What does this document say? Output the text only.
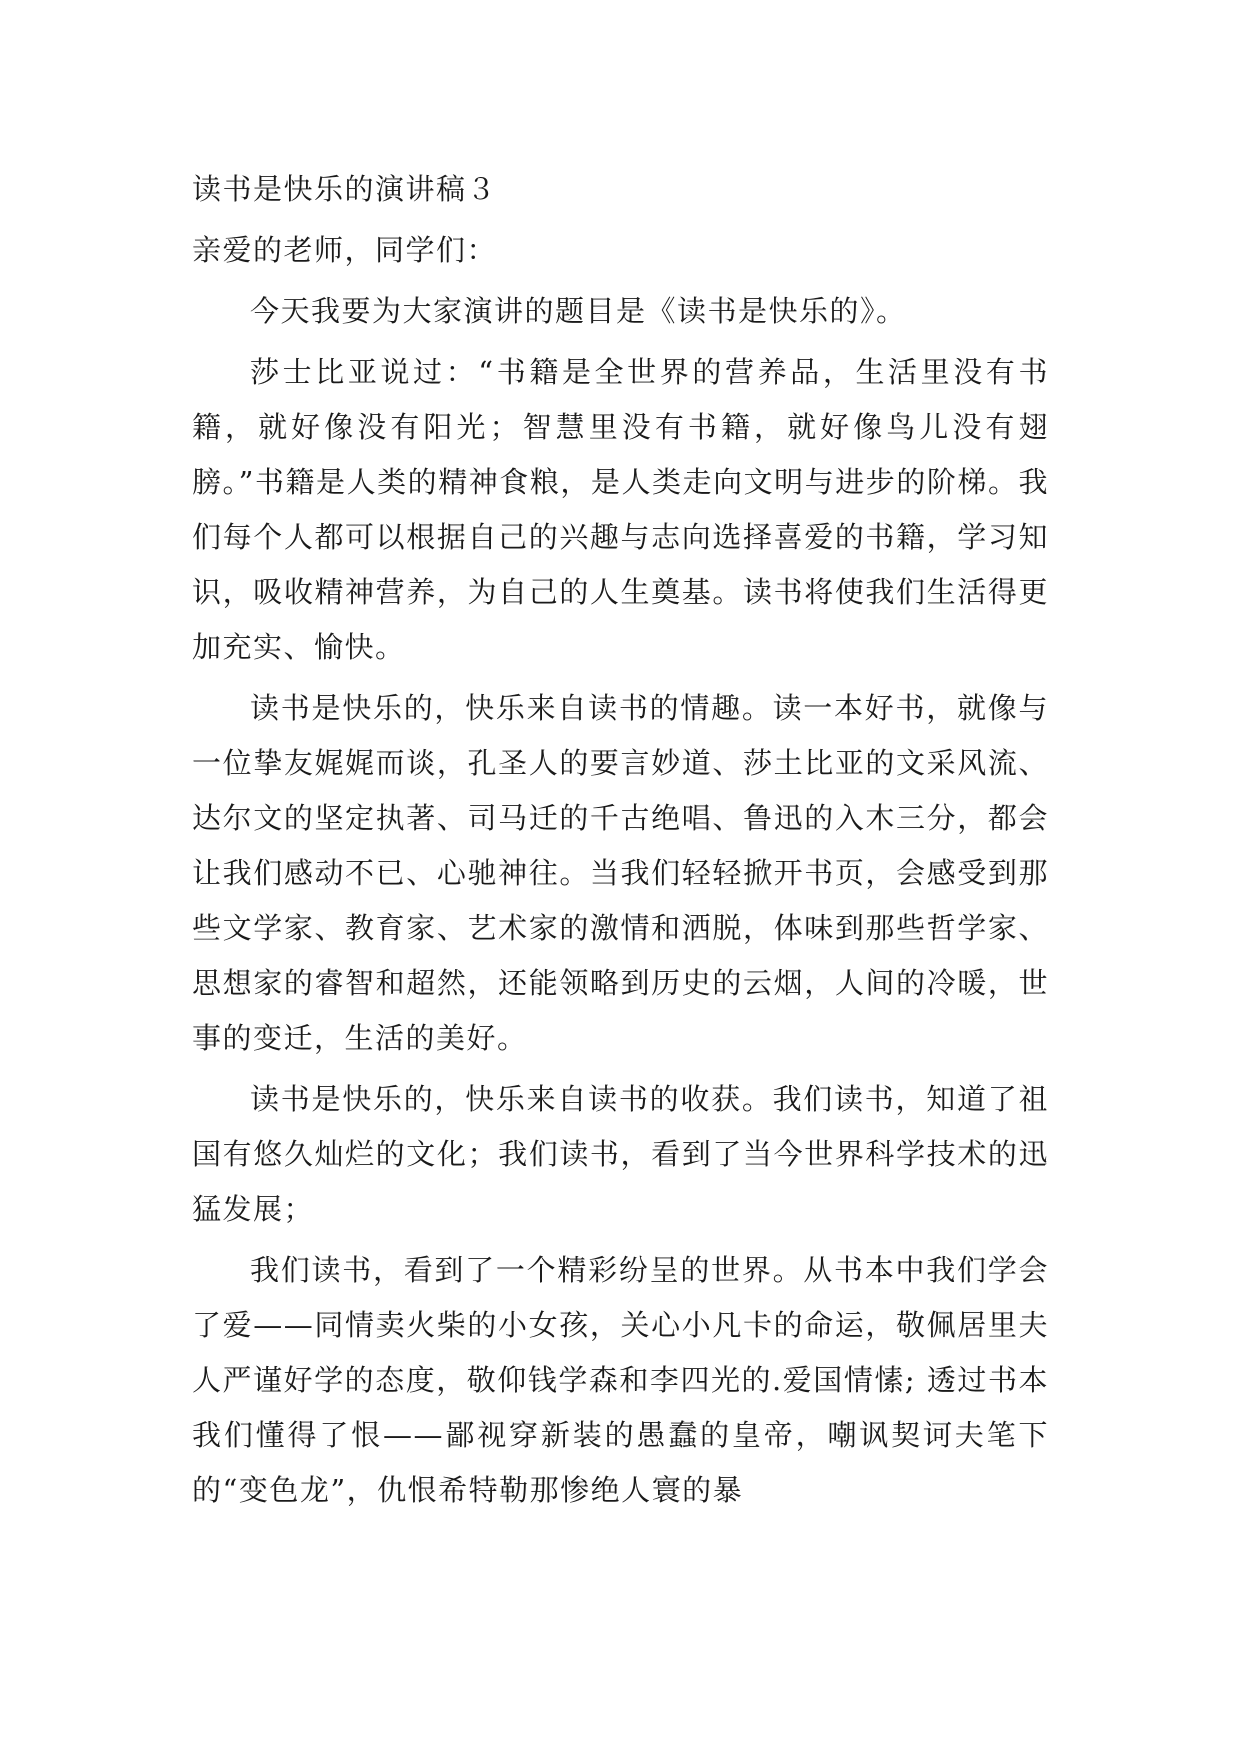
读书是快乐的演讲稿３

亲爱的老师，同学们：

今天我要为大家演讲的题目是《读书是快乐的》。

莎士比亚说过：“书籍是全世界的营养品，生活里没有书籍，就好像没有阳光；智慧里没有书籍，就好像鸟儿没有翅膀。”书籍是人类的精神食粮，是人类走向文明与进步的阶梯。我们每个人都可以根据自己的兴趣与志向选择喜爱的书籍，学习知识，吸收精神营养，为自己的人生奠基。读书将使我们生活得更加充实、愉快。

读书是快乐的，快乐来自读书的情趣。读一本好书，就像与一位挚友娓娓而谈，孔圣人的要言妙道、莎土比亚的文采风流、达尔文的坚定执著、司马迁的千古绝唱、鲁迅的入木三分，都会让我们感动不已、心驰神往。当我们轻轻掀开书页，会感受到那些文学家、教育家、艺术家的激情和洒脱，体味到那些哲学家、思想家的睿智和超然，还能领略到历史的云烟，人间的冷暖，世事的变迁，生活的美好。

读书是快乐的，快乐来自读书的收获。我们读书，知道了祖国有悠久灿烂的文化；我们读书，看到了当今世界科学技术的迅猛发展；

我们读书，看到了一个精彩纷呈的世界。从书本中我们学会了爱——同情卖火柴的小女孩，关心小凡卡的命运，敬佩居里夫人严谨好学的态度，敬仰钱学森和李四光的.爱国情愫; 透过书本我们懂得了恨——鄙视穿新装的愚蠢的皇帝，嘲讽契诃夫笔下的“变色龙”，仇恨希特勒那惨绝人寰的暴
